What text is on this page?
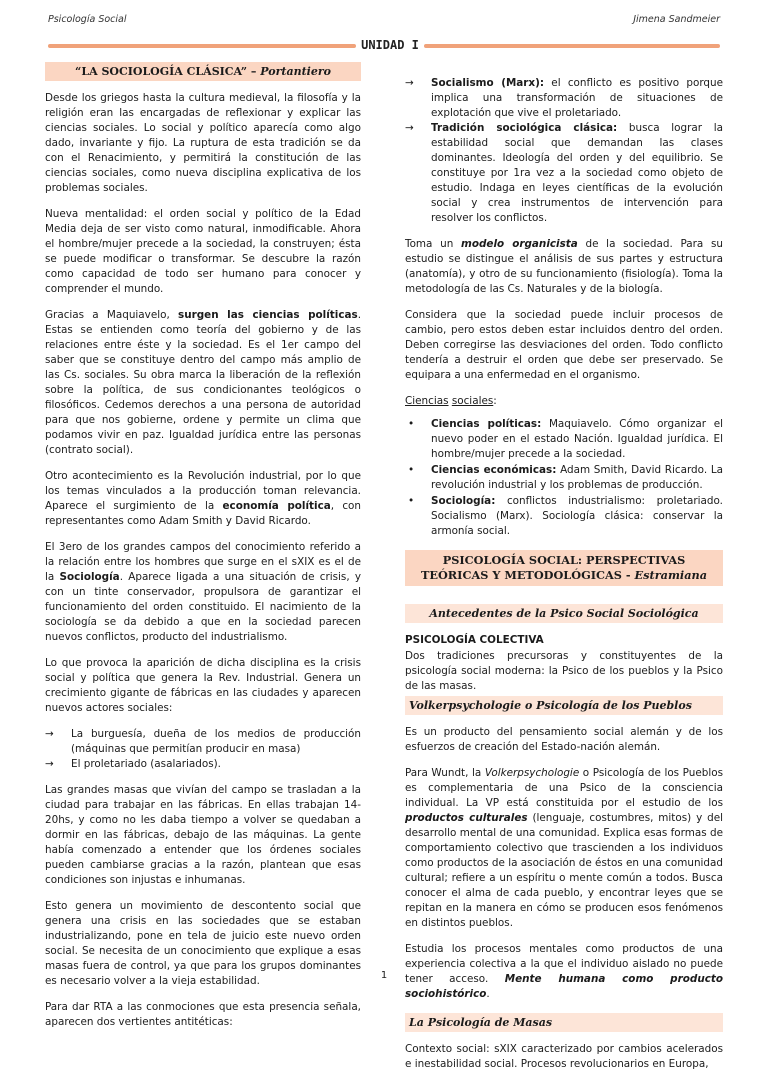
Psicología Social	Jimena Sandmeier
UNIDAD I
“LA SOCIOLOGÍA CLÁSICA” – Portantiero

Desde los griegos hasta la cultura medieval, la filosofía y la religión eran las encargadas de reflexionar y explicar las ciencias sociales. Lo social y político aparecía como algo dado, invariante y fijo. La ruptura de esta tradición se da con el Renacimiento, y permitirá la constitución de las ciencias sociales, como nueva disciplina explicativa de los problemas sociales.

Nueva mentalidad: el orden social y político de la Edad Media deja de ser visto como natural, inmodificable. Ahora el hombre/mujer precede a la sociedad, la construyen; ésta se puede modificar o transformar. Se descubre la razón como capacidad de todo ser humano para conocer y comprender el mundo.

Gracias a Maquiavelo, surgen las ciencias políticas. Estas se entienden como teoría del gobierno y de las relaciones entre éste y la sociedad. Es el 1er campo del saber que se constituye dentro del campo más amplio de las Cs. sociales. Su obra marca la liberación de la reflexión sobre la política, de sus condicionantes teológicos o filosóficos. Cedemos derechos a una persona de autoridad para que nos gobierne, ordene y permite un clima que podamos vivir en paz. Igualdad jurídica entre las personas (contrato social).

Otro acontecimiento es la Revolución industrial, por lo que los temas vinculados a la producción toman relevancia. Aparece el surgimiento de la economía política, con representantes como Adam Smith y David Ricardo.

El 3ero de los grandes campos del conocimiento referido a la relación entre los hombres que surge en el sXIX es el de la Sociología. Aparece ligada a una situación de crisis, y con un tinte conservador, propulsora de garantizar el funcionamiento del orden constituido. El nacimiento de la sociología se da debido a que en la sociedad parecen nuevos conflictos, producto del industrialismo.

Lo que provoca la aparición de dicha disciplina es la crisis social y política que genera la Rev. Industrial. Genera un crecimiento gigante de fábricas en las ciudades y aparecen nuevos actores sociales:

→ La burguesía, dueña de los medios de producción (máquinas que permitían producir en masa)
→ El proletariado (asalariados).

Las grandes masas que vivían del campo se trasladan a la ciudad para trabajar en las fábricas. En ellas trabajan 14-20hs, y como no les daba tiempo a volver se quedaban a dormir en las fábricas, debajo de las máquinas. La gente había comenzado a entender que los órdenes sociales pueden cambiarse gracias a la razón, plantean que esas condiciones son injustas e inhumanas.

Esto genera un movimiento de descontento social que genera una crisis en las sociedades que se estaban industrializando, pone en tela de juicio este nuevo orden social. Se necesita de un conocimiento que explique a esas masas fuera de control, ya que para los grupos dominantes es necesario volver a la vieja estabilidad.

Para dar RTA a las conmociones que esta presencia señala, aparecen dos vertientes antitéticas:

→ Socialismo (Marx): el conflicto es positivo porque implica una transformación de situaciones de explotación que vive el proletariado.
→ Tradición sociológica clásica: busca lograr la estabilidad social que demandan las clases dominantes. Ideología del orden y del equilibrio. Se constituye por 1ra vez a la sociedad como objeto de estudio. Indaga en leyes científicas de la evolución social y crea instrumentos de intervención para resolver los conflictos.

Toma un modelo organicista de la sociedad. Para su estudio se distingue el análisis de sus partes y estructura (anatomía), y otro de su funcionamiento (fisiología). Toma la metodología de las Cs. Naturales y de la biología.

Considera que la sociedad puede incluir procesos de cambio, pero estos deben estar incluidos dentro del orden. Deben corregirse las desviaciones del orden. Todo conflicto tendería a destruir el orden que debe ser preservado. Se equipara a una enfermedad en el organismo.

Ciencias sociales:

• Ciencias políticas: Maquiavelo. Cómo organizar el nuevo poder en el estado Nación. Igualdad jurídica. El hombre/mujer precede a la sociedad.
• Ciencias económicas: Adam Smith, David Ricardo. La revolución industrial y los problemas de producción.
• Sociología: conflictos industrialismo: proletariado. Socialismo (Marx). Sociología clásica: conservar la armonía social.
PSICOLOGÍA SOCIAL: PERSPECTIVAS TEÓRICAS Y METODOLÓGICAS - Estramiana
Antecedentes de la Psico Social Sociológica

PSICOLOGÍA COLECTIVA

Dos tradiciones precursoras y constituyentes de la psicología social moderna: la Psico de los pueblos y la Psico de las masas.

Volkerpsychologie o Psicología de los Pueblos

Es un producto del pensamiento social alemán y de los esfuerzos de creación del Estado-nación alemán.

Para Wundt, la Volkerpsychologie o Psicología de los Pueblos es complementaria de una Psico de la consciencia individual. La VP está constituida por el estudio de los productos culturales (lenguaje, costumbres, mitos) y del desarrollo mental de una comunidad. Explica esas formas de comportamiento colectivo que trascienden a los individuos como productos de la asociación de éstos en una comunidad cultural; refiere a un espíritu o mente común a todos. Busca conocer el alma de cada pueblo, y encontrar leyes que se repitan en la manera en cómo se producen esos fenómenos en distintos pueblos.

Estudia los procesos mentales como productos de una experiencia colectiva a la que el individuo aislado no puede tener acceso. Mente humana como producto sociohistórico.

La Psicología de Masas

Contexto social: sXIX caracterizado por cambios acelerados e inestabilidad social. Procesos revolucionarios en Europa,

1
